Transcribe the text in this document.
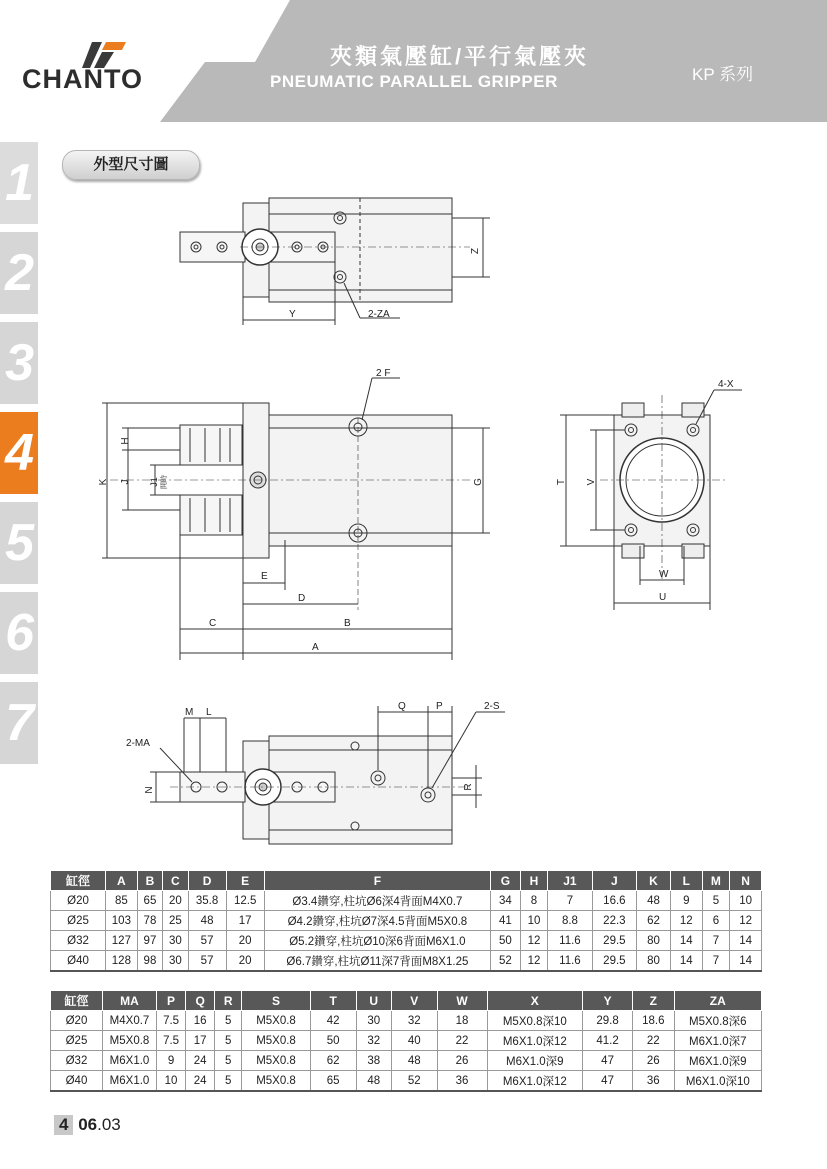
CHANTO
夾類氣壓缸/平行氣壓夾
PNEUMATIC PARALLEL GRIPPER	KP 系列
1
2
3
4
5
6
7
外型尺寸圖
Y	2-ZA
Z
2 F
4-X
H
J J1 開時
K	G	T V
E
D
C	B
A
W
U
M L
2-MA
N
Q	P	2-S
R
缸徑	A	B	C	D	E	F	G	H	J1	J	K	L	M	N
Ø20	85	65	20	35.8	12.5	Ø3.4鑽穿,柱坑Ø6深4背面M4X0.7	34	8	7	16.6	48	9	5	10
Ø25	103	78	25	48	17	Ø4.2鑽穿,柱坑Ø7深4.5背面M5X0.8	41	10	8.8	22.3	62	12	6	12
Ø32	127	97	30	57	20	Ø5.2鑽穿,柱坑Ø10深6背面M6X1.0	50	12	11.6	29.5	80	14	7	14
Ø40	128	98	30	57	20	Ø6.7鑽穿,柱坑Ø11深7背面M8X1.25	52	12	11.6	29.5	80	14	7	14
缸徑	MA	P	Q	R	S	T	U	V	W	X	Y	Z	ZA
Ø20	M4X0.7	7.5	16	5	M5X0.8	42	30	32	18	M5X0.8深10	29.8	18.6	M5X0.8深6
Ø25	M5X0.8	7.5	17	5	M5X0.8	50	32	40	22	M6X1.0深12	41.2	22	M6X1.0深7
Ø32	M6X1.0	9	24	5	M5X0.8	62	38	48	26	M6X1.0深9	47	26	M6X1.0深9
Ø40	M6X1.0	10	24	5	M5X0.8	65	48	52	36	M6X1.0深12	47	36	M6X1.0深10
4 06.03
